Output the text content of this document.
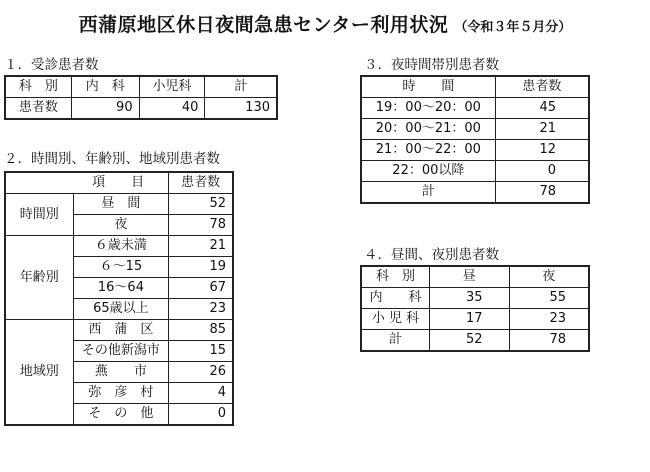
西蒲原地区休日夜間急患センター利用状況 （令和３年５月分）
１．受診患者数
科　別	内　科	小児科	計
患者数	90	40	130
２．時間別、年齢別、地域別患者数
項　　目		患者数
時間別	昼　間	52
	夜	78
年齢別	６歳未満	21
	６～15	19
	16～64	67
	65歳以上	23
地域別	西　蒲　区	85
	その他新潟市	15
	燕　　市	26
	弥　彦　村	4
	そ　の　他	0
３．夜時間帯別患者数
時　　間	患者数
19：00～20：00	45
20：00～21：00	21
21：00～22：00	12
22：00以降	0
計	78
４．昼間、夜別患者数
科　別	昼	夜
内　　科	35	55
小 児 科	17	23
計	52	78
